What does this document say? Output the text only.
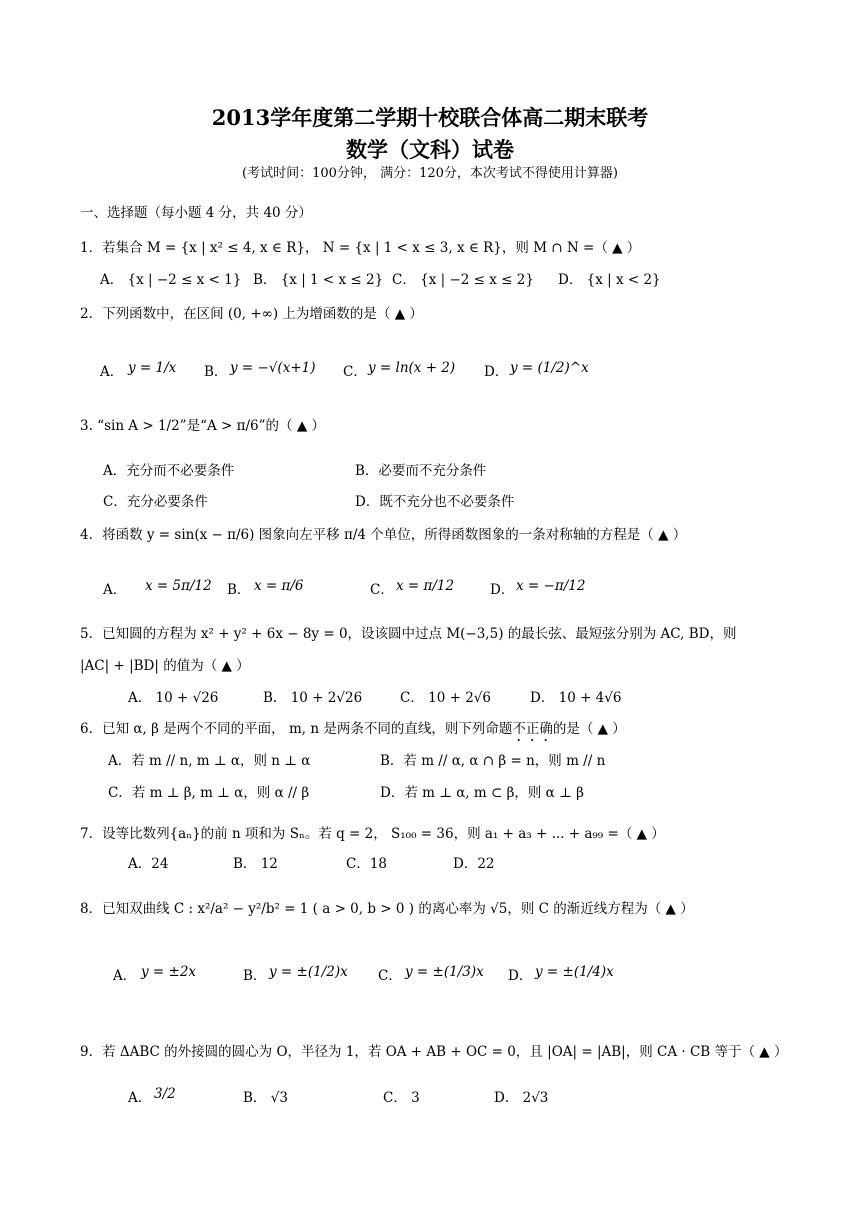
2013学年度第二学期十校联合体高二期末联考
数学（文科）试卷
(考试时间：100分钟， 满分：120分，本次考试不得使用计算器)
一、选择题（每小题 4 分，共 40 分）
1．若集合 M = {x | x² ≤ 4, x ∈ R}， N = {x | 1 < x ≤ 3, x ∈ R}，则 M ∩ N =（ ▲ ）
A． {x | −2 ≤ x < 1} B． {x | 1 < x ≤ 2} C． {x | −2 ≤ x ≤ 2} D． {x | x < 2}
2．下列函数中，在区间 (0, +∞) 上为增函数的是（ ▲ ）
A． y = 1/x B． y = −√(x+1) C． y = ln(x + 2) D． y = (1/2)^x
3. “sin A > 1/2”是“A > π/6”的（ ▲ ）
A．充分而不必要条件	B．必要而不充分条件
C．充分必要条件	D．既不充分也不必要条件
4．将函数 y = sin(x − π/6) 图象向左平移 π/4 个单位，所得函数图象的一条对称轴的方程是（ ▲ ）
A． x = 5π/12 B． x = π/6	C． x = π/12	D． x = −π/12
5．已知圆的方程为 x² + y² + 6x − 8y = 0，设该圆中过点 M(−3,5) 的最长弦、最短弦分别为 AC, BD，则
|AC| + |BD| 的值为（ ▲ ）
A． 10 + √26	B． 10 + 2√26	C． 10 + 2√6	D． 10 + 4√6
6．已知 α, β 是两个不同的平面， m, n 是两条不同的直线，则下列命题不正确的是（ ▲ ）
A．若 m // n, m ⊥ α，则 n ⊥ α	B．若 m // α, α ∩ β = n，则 m // n
C．若 m ⊥ β, m ⊥ α，则 α // β	D．若 m ⊥ α, m ⊂ β，则 α ⊥ β
7．设等比数列{aₙ}的前 n 项和为 Sₙ。若 q = 2， S₁₀₀ = 36，则 a₁ + a₃ + ... + a₉₉ =（ ▲ ）
A．24	B． 12	C．18	D．22
8．已知双曲线 C : x²/a² − y²/b² = 1 ( a > 0, b > 0 ) 的离心率为 √5，则 C 的渐近线方程为（ ▲ ）
A． y = ±2x	B． y = ±(1/2)x C． y = ±(1/3)x D． y = ±(1/4)x
9．若 ΔABC 的外接圆的圆心为 O，半径为 1，若 OA + AB + OC = 0，且 |OA| = |AB|，则 CA · CB 等于（ ▲ ）
A． 3/2	B． √3	C． 3	D． 2√3
